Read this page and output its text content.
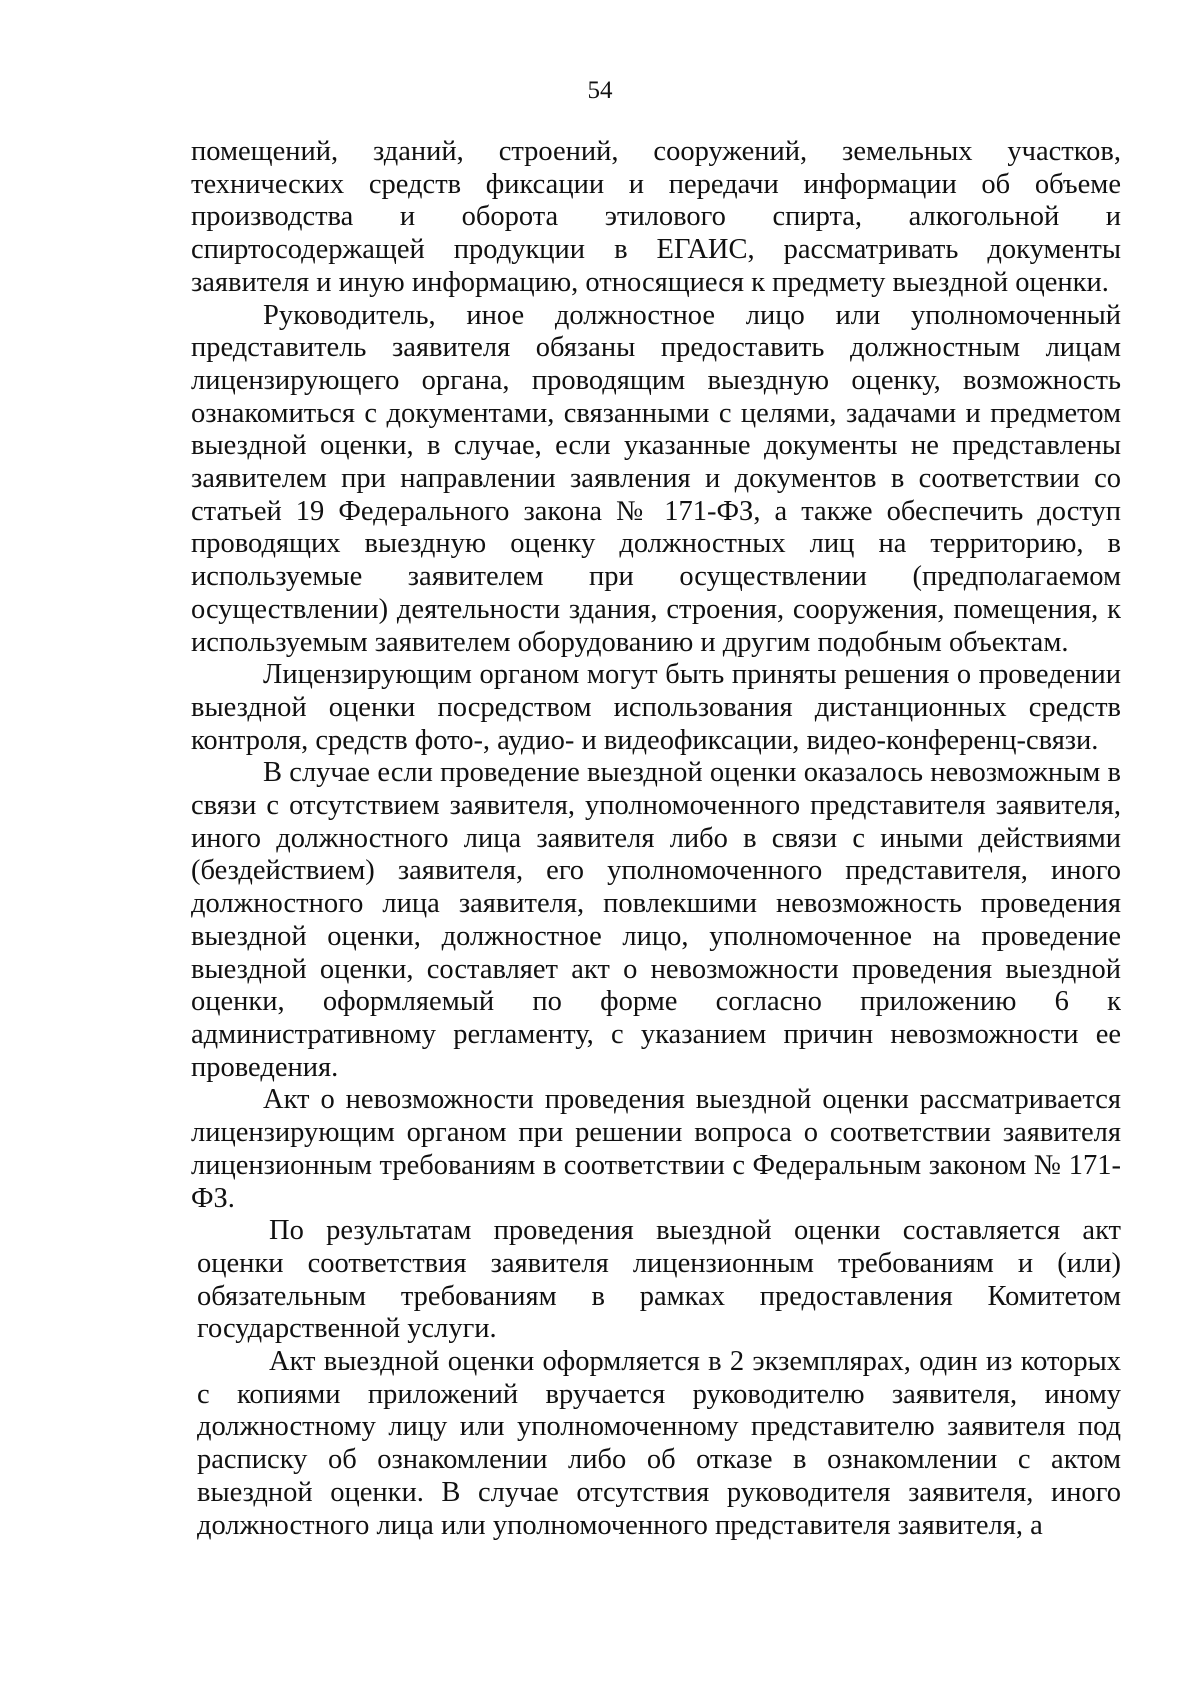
54

помещений, зданий, строений, сооружений, земельных участков, технических средств фиксации и передачи информации об объеме производства и оборота этилового спирта, алкогольной и спиртосодержащей продукции в ЕГАИС, рассматривать документы заявителя и иную информацию, относящиеся к предмету выездной оценки.

Руководитель, иное должностное лицо или уполномоченный представитель заявителя обязаны предоставить должностным лицам лицензирующего органа, проводящим выездную оценку, возможность ознакомиться с документами, связанными с целями, задачами и предметом выездной оценки, в случае, если указанные документы не представлены заявителем при направлении заявления и документов в соответствии со статьей 19 Федерального закона № 171-ФЗ, а также обеспечить доступ проводящих выездную оценку должностных лиц на территорию, в используемые заявителем при осуществлении (предполагаемом осуществлении) деятельности здания, строения, сооружения, помещения, к используемым заявителем оборудованию и другим подобным объектам.

Лицензирующим органом могут быть приняты решения о проведении выездной оценки посредством использования дистанционных средств контроля, средств фото-, аудио- и видеофиксации, видео-конференц-связи.

В случае если проведение выездной оценки оказалось невозможным в связи с отсутствием заявителя, уполномоченного представителя заявителя, иного должностного лица заявителя либо в связи с иными действиями (бездействием) заявителя, его уполномоченного представителя, иного должностного лица заявителя, повлекшими невозможность проведения выездной оценки, должностное лицо, уполномоченное на проведение выездной оценки, составляет акт о невозможности проведения выездной оценки, оформляемый по форме согласно приложению 6 к административному регламенту, с указанием причин невозможности ее проведения.

Акт о невозможности проведения выездной оценки рассматривается лицензирующим органом при решении вопроса о соответствии заявителя лицензионным требованиям в соответствии с Федеральным законом № 171-ФЗ.

По результатам проведения выездной оценки составляется акт оценки соответствия заявителя лицензионным требованиям и (или) обязательным требованиям в рамках предоставления Комитетом государственной услуги.

Акт выездной оценки оформляется в 2 экземплярах, один из которых с копиями приложений вручается руководителю заявителя, иному должностному лицу или уполномоченному представителю заявителя под расписку об ознакомлении либо об отказе в ознакомлении с актом выездной оценки. В случае отсутствия руководителя заявителя, иного должностного лица или уполномоченного представителя заявителя, а
